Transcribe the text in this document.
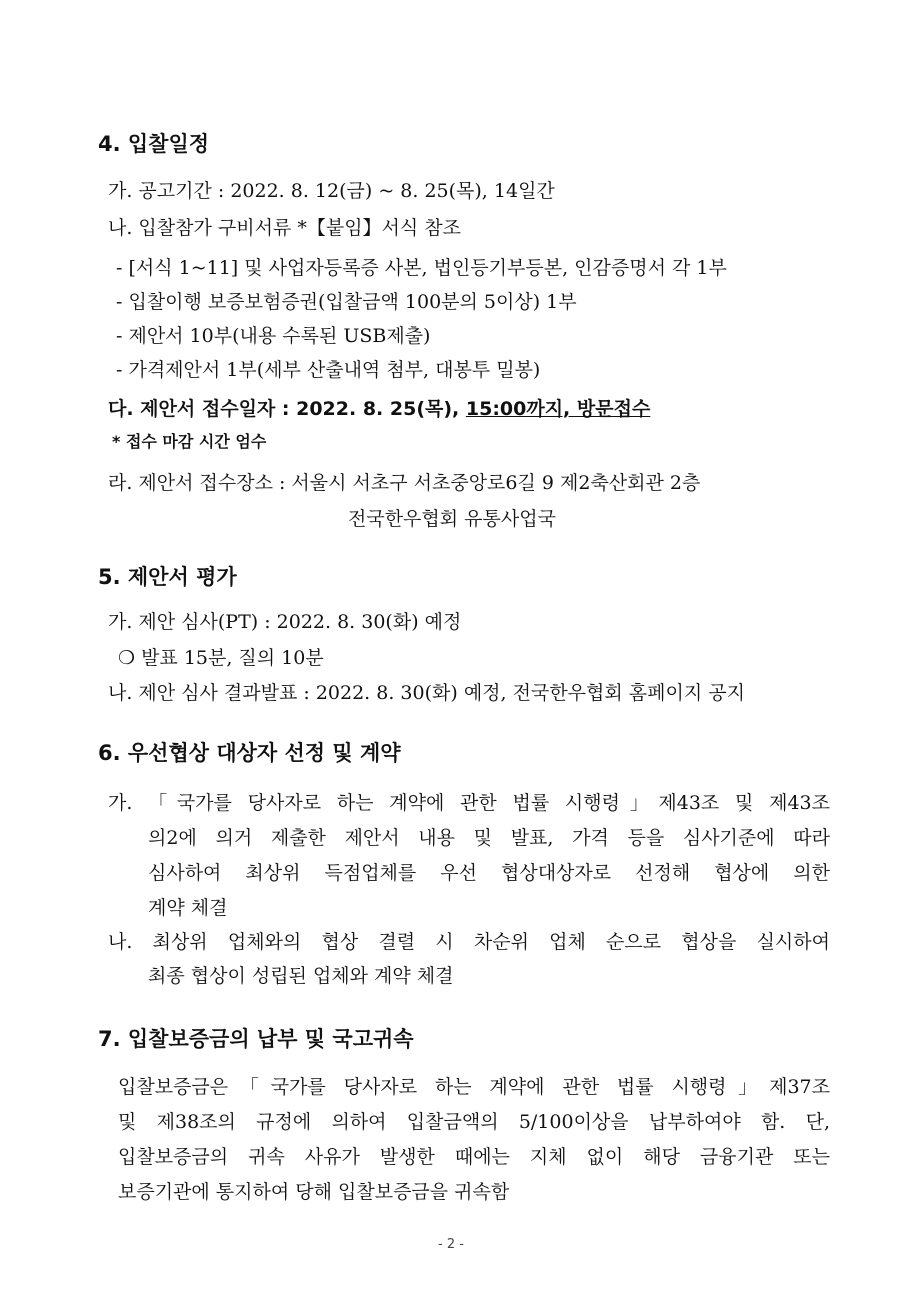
4. 입찰일정
가. 공고기간 : 2022. 8. 12(금) ~ 8. 25(목), 14일간
나. 입찰참가 구비서류 *【붙임】서식 참조
- [서식 1~11] 및 사업자등록증 사본, 법인등기부등본, 인감증명서 각 1부
- 입찰이행 보증보험증권(입찰금액 100분의 5이상) 1부
- 제안서 10부(내용 수록된 USB제출)
- 가격제안서 1부(세부 산출내역 첨부, 대봉투 밀봉)
다. 제안서 접수일자 : 2022. 8. 25(목), 15:00까지, 방문접수
* 접수 마감 시간 엄수
라. 제안서 접수장소 : 서울시 서초구 서초중앙로6길 9 제2축산회관 2층
전국한우협회 유통사업국
5. 제안서 평가
가. 제안 심사(PT) : 2022. 8. 30(화) 예정
❍ 발표 15분, 질의 10분
나. 제안 심사 결과발표 : 2022. 8. 30(화) 예정, 전국한우협회 홈페이지 공지
6. 우선협상 대상자 선정 및 계약
가. 「국가를 당사자로 하는 계약에 관한 법률 시행령」제43조 및 제43조
의2에 의거 제출한 제안서 내용 및 발표, 가격 등을 심사기준에 따라
심사하여 최상위 득점업체를 우선 협상대상자로 선정해 협상에 의한
계약 체결
나. 최상위 업체와의 협상 결렬 시 차순위 업체 순으로 협상을 실시하여
최종 협상이 성립된 업체와 계약 체결
7. 입찰보증금의 납부 및 국고귀속
입찰보증금은「국가를 당사자로 하는 계약에 관한 법률 시행령」제37조
및 제38조의 규정에 의하여 입찰금액의 5/100이상을 납부하여야 함. 단,
입찰보증금의 귀속 사유가 발생한 때에는 지체 없이 해당 금융기관 또는
보증기관에 통지하여 당해 입찰보증금을 귀속함
- 2 -
